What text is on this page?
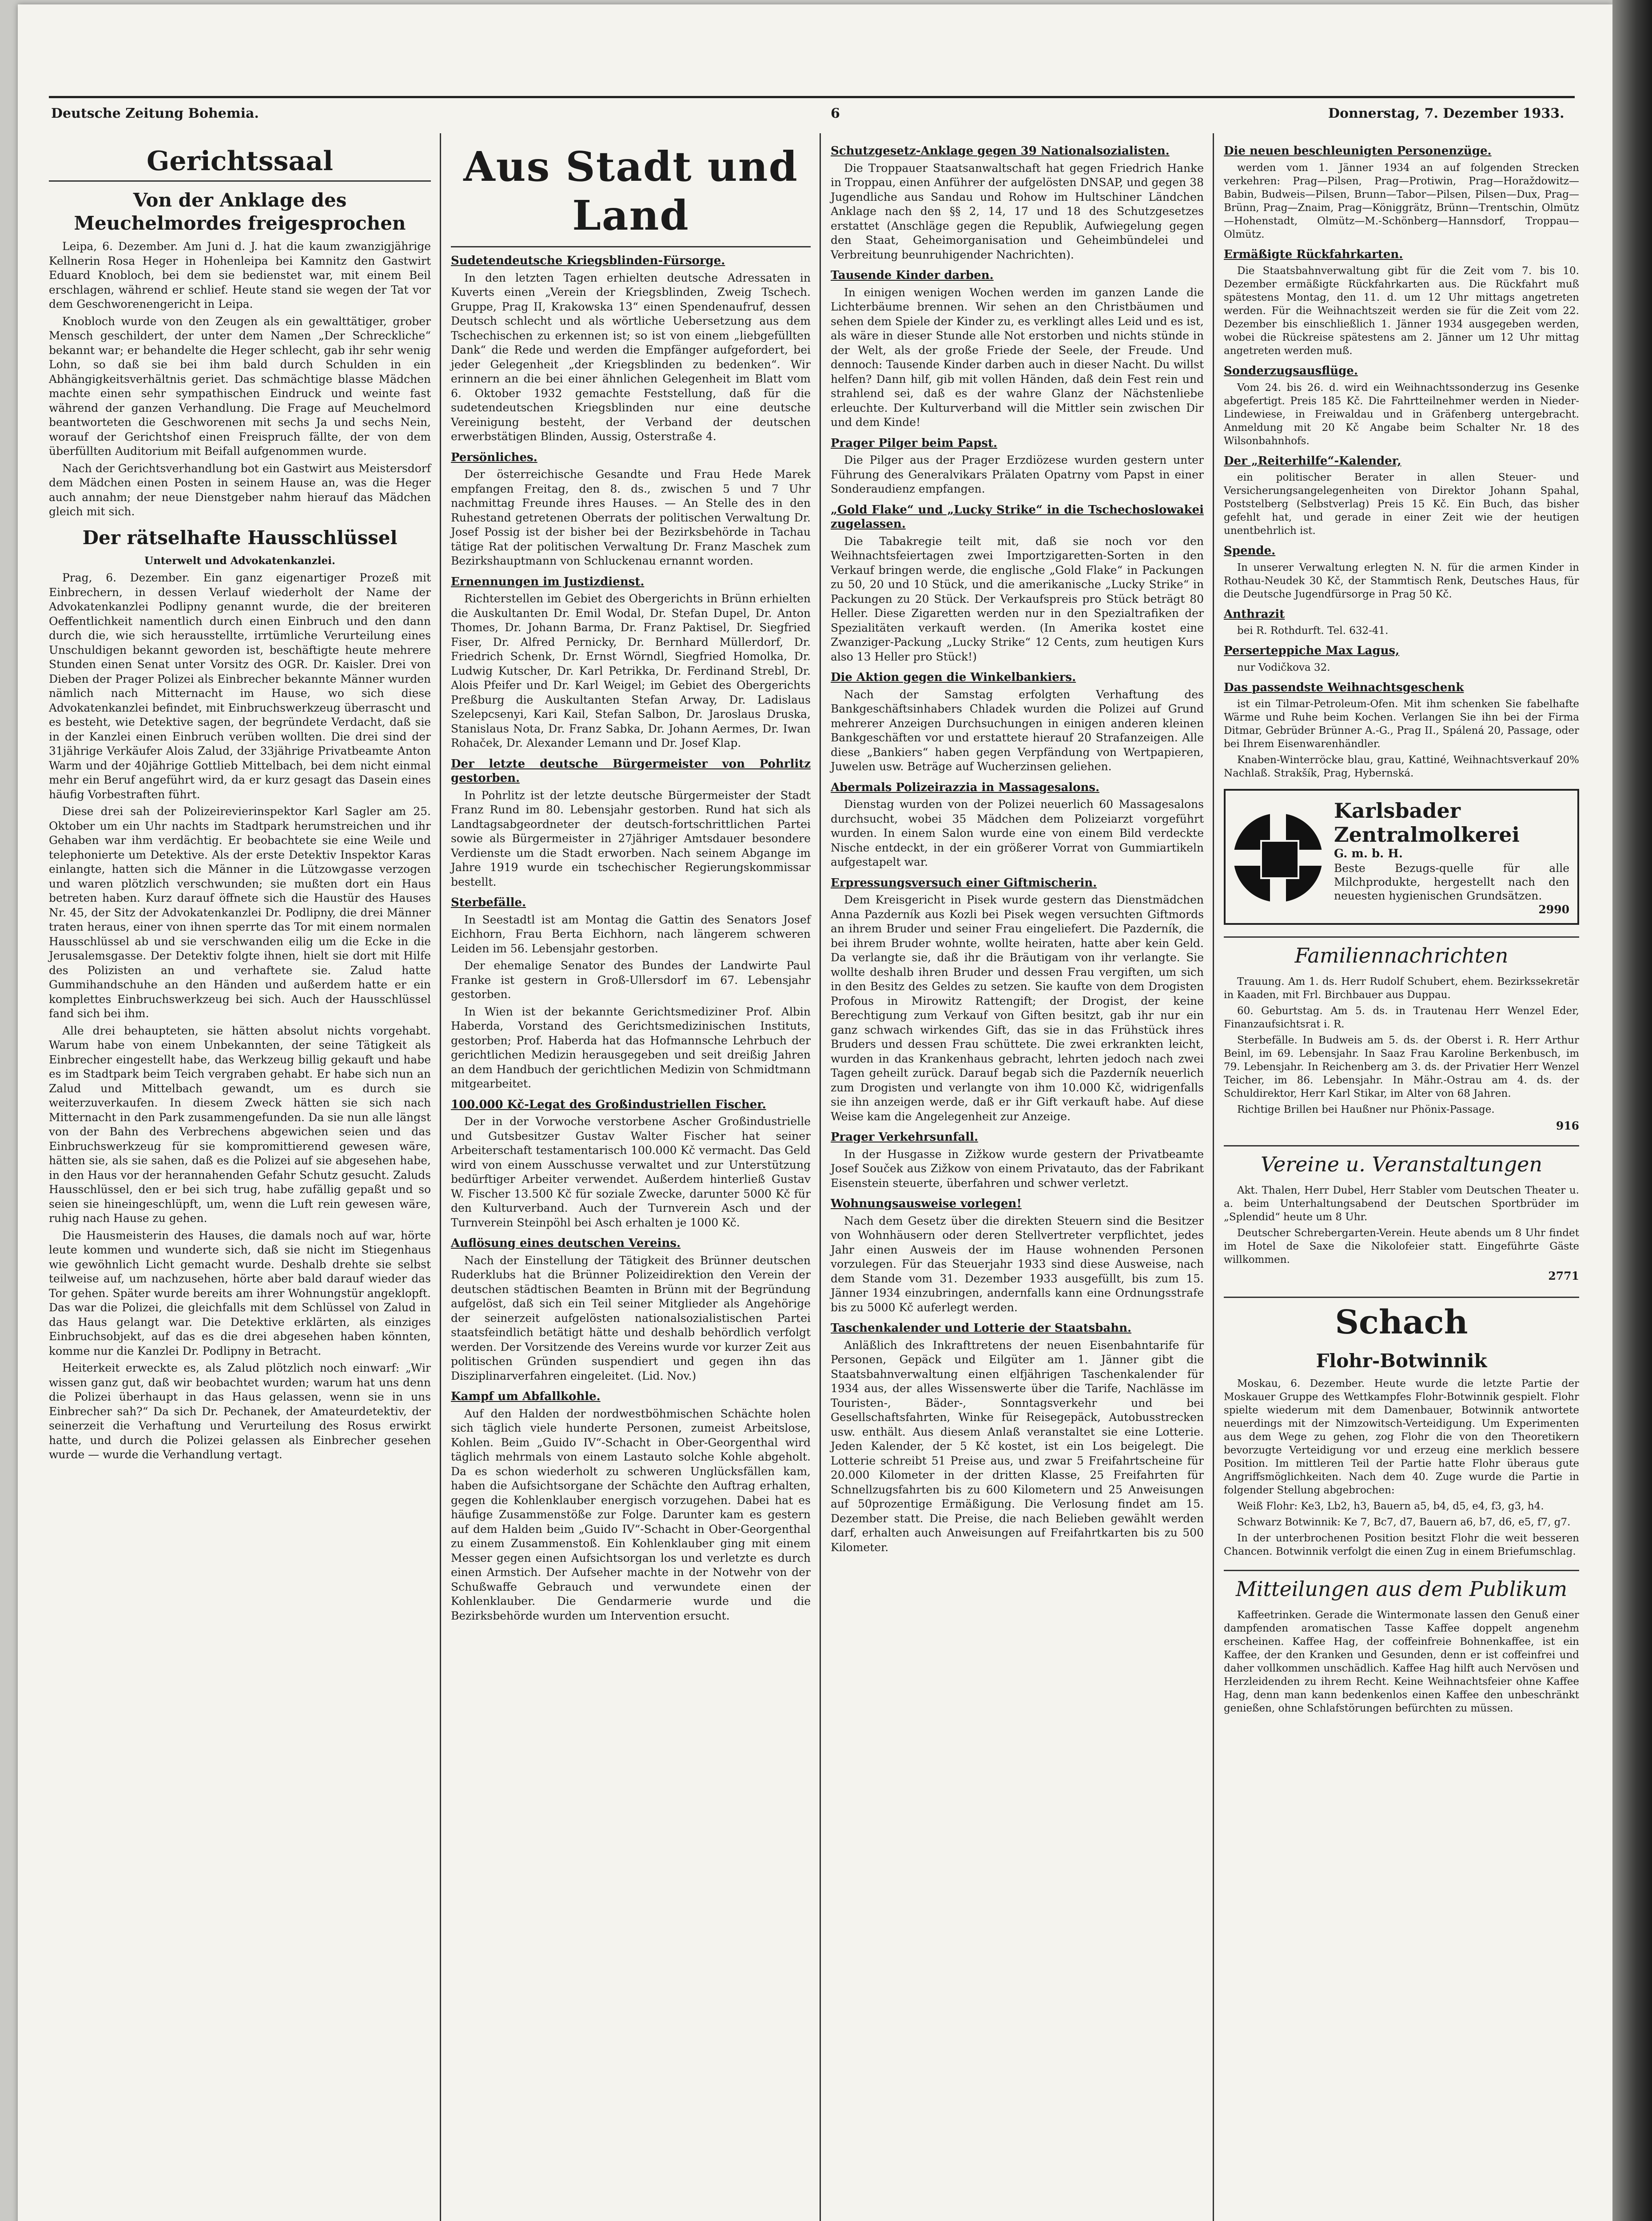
Deutsche Zeitung Bohemia.	6	Donnerstag, 7. Dezember 1933.
Gerichtssaal
Von der Anklage des Meuchelmordes freigesprochen

Leipa, 6. Dezember. Am Juni d. J. hat die kaum zwanzigjährige Kellnerin Rosa Heger in Hohenleipa bei Kamnitz den Gastwirt Eduard Knobloch, bei dem sie bedienstet war, mit einem Beil erschlagen, während er schlief. Heute stand sie wegen der Tat vor dem Geschworenengericht in Leipa.

Knobloch wurde von den Zeugen als ein gewalttätiger, grober Mensch geschildert, der unter dem Namen „Der Schreckliche“ bekannt war; er behandelte die Heger schlecht, gab ihr sehr wenig Lohn, so daß sie bei ihm bald durch Schulden in ein Abhängigkeitsverhältnis geriet. Das schmächtige blasse Mädchen machte einen sehr sympathischen Eindruck und weinte fast während der ganzen Verhandlung. Die Frage auf Meuchelmord beantworteten die Geschworenen mit sechs Ja und sechs Nein, worauf der Gerichtshof einen Freispruch fällte, der von dem überfüllten Auditorium mit Beifall aufgenommen wurde.

Nach der Gerichtsverhandlung bot ein Gastwirt aus Meistersdorf dem Mädchen einen Posten in seinem Hause an, was die Heger auch annahm; der neue Dienstgeber nahm hierauf das Mädchen gleich mit sich.

Der rätselhafte Hausschlüssel
Unterwelt und Advokatenkanzlei.

Prag, 6. Dezember. Ein ganz eigenartiger Prozeß mit Einbrechern, in dessen Verlauf wiederholt der Name der Advokatenkanzlei Podlipny genannt wurde, die der breiteren Oeffentlichkeit namentlich durch einen Einbruch und den dann durch die, wie sich herausstellte, irrtümliche Verurteilung eines Unschuldigen bekannt geworden ist, beschäftigte heute mehrere Stunden einen Senat unter Vorsitz des OGR. Dr. Kaisler. Drei von Dieben der Prager Polizei als Einbrecher bekannte Männer wurden nämlich nach Mitternacht im Hause, wo sich diese Advokatenkanzlei befindet, mit Einbruchswerkzeug überrascht und es besteht, wie Detektive sagen, der begründete Verdacht, daß sie in der Kanzlei einen Einbruch verüben wollten. Die drei sind der 31jährige Verkäufer Alois Zalud, der 33jährige Privatbeamte Anton Warm und der 40jährige Gottlieb Mittelbach, bei dem nicht einmal mehr ein Beruf angeführt wird, da er kurz gesagt das Dasein eines häufig Vorbestraften führt.

Diese drei sah der Polizeirevierinspektor Karl Sagler am 25. Oktober um ein Uhr nachts im Stadtpark herumstreichen und ihr Gehaben war ihm verdächtig. Er beobachtete sie eine Weile und telephonierte um Detektive. Als der erste Detektiv Inspektor Karas einlangte, hatten sich die Männer in die Lützowgasse verzogen und waren plötzlich verschwunden; sie mußten dort ein Haus betreten haben. Kurz darauf öffnete sich die Haustür des Hauses Nr. 45, der Sitz der Advokatenkanzlei Dr. Podlipny, die drei Männer traten heraus, einer von ihnen sperrte das Tor mit einem normalen Hausschlüssel ab und sie verschwanden eilig um die Ecke in die Jerusalemsgasse. Der Detektiv folgte ihnen, hielt sie dort mit Hilfe des Polizisten an und verhaftete sie. Zalud hatte Gummihandschuhe an den Händen und außerdem hatte er ein komplettes Einbruchswerkzeug bei sich. Auch der Hausschlüssel fand sich bei ihm.

Alle drei behaupteten, sie hätten absolut nichts vorgehabt. Warum habe von einem Unbekannten, der seine Tätigkeit als Einbrecher eingestellt habe, das Werkzeug billig gekauft und habe es im Stadtpark beim Teich vergraben gehabt. Er habe sich nun an Zalud und Mittelbach gewandt, um es durch sie weiterzuverkaufen. In diesem Zweck hätten sie sich nach Mitternacht in den Park zusammengefunden. Da sie nun alle längst von der Bahn des Verbrechens abgewichen seien und das Einbruchswerkzeug für sie kompromittierend gewesen wäre, hätten sie, als sie sahen, daß es die Polizei auf sie abgesehen habe, in den Haus vor der herannahenden Gefahr Schutz gesucht. Zaluds Hausschlüssel, den er bei sich trug, habe zufällig gepaßt und so seien sie hineingeschlüpft, um, wenn die Luft rein gewesen wäre, ruhig nach Hause zu gehen.

Die Hausmeisterin des Hauses, die damals noch auf war, hörte leute kommen und wunderte sich, daß sie nicht im Stiegenhaus wie gewöhnlich Licht gemacht wurde. Deshalb drehte sie selbst teilweise auf, um nachzusehen, hörte aber bald darauf wieder das Tor gehen. Später wurde bereits am ihrer Wohnungstür angeklopft. Das war die Polizei, die gleichfalls mit dem Schlüssel von Zalud in das Haus gelangt war. Die Detektive erklärten, als einziges Einbruchsobjekt, auf das es die drei abgesehen haben könnten, komme nur die Kanzlei Dr. Podlipny in Betracht.

Heiterkeit erweckte es, als Zalud plötzlich noch einwarf: „Wir wissen ganz gut, daß wir beobachtet wurden; warum hat uns denn die Polizei überhaupt in das Haus gelassen, wenn sie in uns Einbrecher sah?“ Da sich Dr. Pechanek, der Amateurdetektiv, der seinerzeit die Verhaftung und Verurteilung des Rosus erwirkt hatte, und durch die Polizei gelassen als Einbrecher gesehen wurde — wurde die Verhandlung vertagt.

Aus Stadt und Land
Sudetendeutsche Kriegsblinden-Fürsorge.

In den letzten Tagen erhielten deutsche Adressaten in Kuverts einen „Verein der Kriegsblinden, Zweig Tschech. Gruppe, Prag II, Krakowska 13“ einen Spendenaufruf, dessen Deutsch schlecht und als wörtliche Uebersetzung aus dem Tschechischen zu erkennen ist; so ist von einem „liebgefüllten Dank“ die Rede und werden die Empfänger aufgefordert, bei jeder Gelegenheit „der Kriegsblinden zu bedenken“. Wir erinnern an die bei einer ähnlichen Gelegenheit im Blatt vom 6. Oktober 1932 gemachte Feststellung, daß für die sudetendeutschen Kriegsblinden nur eine deutsche Vereinigung besteht, der Verband der deutschen erwerbstätigen Blinden, Aussig, Osterstraße 4.

Persönliches.

Der österreichische Gesandte und Frau Hede Marek empfangen Freitag, den 8. ds., zwischen 5 und 7 Uhr nachmittag Freunde ihres Hauses. — An Stelle des in den Ruhestand getretenen Oberrats der politischen Verwaltung Dr. Josef Possig ist der bisher bei der Bezirksbehörde in Tachau tätige Rat der politischen Verwaltung Dr. Franz Maschek zum Bezirkshauptmann von Schluckenau ernannt worden.

Ernennungen im Justizdienst.

Richterstellen im Gebiet des Obergerichts in Brünn erhielten die Auskultanten Dr. Emil Wodal, Dr. Stefan Dupel, Dr. Anton Thomes, Dr. Johann Barma, Dr. Franz Paktisel, Dr. Siegfried Fiser, Dr. Alfred Pernicky, Dr. Bernhard Müllerdorf, Dr. Friedrich Schenk, Dr. Ernst Wörndl, Siegfried Homolka, Dr. Ludwig Kutscher, Dr. Karl Petrikka, Dr. Ferdinand Strebl, Dr. Alois Pfeifer und Dr. Karl Weigel; im Gebiet des Obergerichts Preßburg die Auskultanten Stefan Arway, Dr. Ladislaus Szelepcsenyi, Kari Kail, Stefan Salbon, Dr. Jaroslaus Druska, Stanislaus Nota, Dr. Franz Sabka, Dr. Johann Aermes, Dr. Iwan Rohaček, Dr. Alexander Lemann und Dr. Josef Klap.

Der letzte deutsche Bürgermeister von Pohrlitz gestorben.

In Pohrlitz ist der letzte deutsche Bürgermeister der Stadt Franz Rund im 80. Lebensjahr gestorben. Rund hat sich als Landtagsabgeordneter der deutsch-fortschrittlichen Partei sowie als Bürgermeister in 27jähriger Amtsdauer besondere Verdienste um die Stadt erworben. Nach seinem Abgange im Jahre 1919 wurde ein tschechischer Regierungskommissar bestellt.

Sterbefälle.

In Seestadtl ist am Montag die Gattin des Senators Josef Eichhorn, Frau Berta Eichhorn, nach längerem schweren Leiden im 56. Lebensjahr gestorben.

Der ehemalige Senator des Bundes der Landwirte Paul Franke ist gestern in Groß-Ullersdorf im 67. Lebensjahr gestorben.

In Wien ist der bekannte Gerichtsmediziner Prof. Albin Haberda, Vorstand des Gerichtsmedizinischen Instituts, gestorben; Prof. Haberda hat das Hofmannsche Lehrbuch der gerichtlichen Medizin herausgegeben und seit dreißig Jahren an dem Handbuch der gerichtlichen Medizin von Schmidtmann mitgearbeitet.

100.000 Kč-Legat des Großindustriellen Fischer.

Der in der Vorwoche verstorbene Ascher Großindustrielle und Gutsbesitzer Gustav Walter Fischer hat seiner Arbeiterschaft testamentarisch 100.000 Kč vermacht. Das Geld wird von einem Ausschusse verwaltet und zur Unterstützung bedürftiger Arbeiter verwendet. Außerdem hinterließ Gustav W. Fischer 13.500 Kč für soziale Zwecke, darunter 5000 Kč für den Kulturverband. Auch der Turnverein Asch und der Turnverein Steinpöhl bei Asch erhalten je 1000 Kč.

Auflösung eines deutschen Vereins.

Nach der Einstellung der Tätigkeit des Brünner deutschen Ruderklubs hat die Brünner Polizeidirektion den Verein der deutschen städtischen Beamten in Brünn mit der Begründung aufgelöst, daß sich ein Teil seiner Mitglieder als Angehörige der seinerzeit aufgelösten nationalsozialistischen Partei staatsfeindlich betätigt hätte und deshalb behördlich verfolgt werden. Der Vorsitzende des Vereins wurde vor kurzer Zeit aus politischen Gründen suspendiert und gegen ihn das Disziplinarverfahren eingeleitet. (Lid. Nov.)

Kampf um Abfallkohle.

Auf den Halden der nordwestböhmischen Schächte holen sich täglich viele hunderte Personen, zumeist Arbeitslose, Kohlen. Beim „Guido IV“-Schacht in Ober-Georgenthal wird täglich mehrmals von einem Lastauto solche Kohle abgeholt. Da es schon wiederholt zu schweren Unglücksfällen kam, haben die Aufsichtsorgane der Schächte den Auftrag erhalten, gegen die Kohlenklauber energisch vorzugehen. Dabei hat es häufige Zusammenstöße zur Folge. Darunter kam es gestern auf dem Halden beim „Guido IV“-Schacht in Ober-Georgenthal zu einem Zusammenstoß. Ein Kohlenklauber ging mit einem Messer gegen einen Aufsichtsorgan los und verletzte es durch einen Armstich. Der Aufseher machte in der Notwehr von der Schußwaffe Gebrauch und verwundete einen der Kohlenklauber. Die Gendarmerie wurde und die Bezirksbehörde wurden um Intervention ersucht.

Schutzgesetz-Anklage gegen 39 Nationalsozialisten.

Die Troppauer Staatsanwaltschaft hat gegen Friedrich Hanke in Troppau, einen Anführer der aufgelösten DNSAP, und gegen 38 Jugendliche aus Sandau und Rohow im Hultschiner Ländchen Anklage nach den §§ 2, 14, 17 und 18 des Schutzgesetzes erstattet (Anschläge gegen die Republik, Aufwiegelung gegen den Staat, Geheimorganisation und Geheimbündelei und Verbreitung beunruhigender Nachrichten).

Tausende Kinder darben.

In einigen wenigen Wochen werden im ganzen Lande die Lichterbäume brennen. Wir sehen an den Christbäumen und sehen dem Spiele der Kinder zu, es verklingt alles Leid und es ist, als wäre in dieser Stunde alle Not erstorben und nichts stünde in der Welt, als der große Friede der Seele, der Freude. Und dennoch: Tausende Kinder darben auch in dieser Nacht. Du willst helfen? Dann hilf, gib mit vollen Händen, daß dein Fest rein und strahlend sei, daß es der wahre Glanz der Nächstenliebe erleuchte. Der Kulturverband will die Mittler sein zwischen Dir und dem Kinde!

Prager Pilger beim Papst.

Die Pilger aus der Prager Erzdiözese wurden gestern unter Führung des Generalvikars Prälaten Opatrny vom Papst in einer Sonderaudienz empfangen.

„Gold Flake“ und „Lucky Strike“ in die Tschechoslowakei zugelassen.

Die Tabakregie teilt mit, daß sie noch vor den Weihnachtsfeiertagen zwei Importzigaretten-Sorten in den Verkauf bringen werde, die englische „Gold Flake“ in Packungen zu 50, 20 und 10 Stück, und die amerikanische „Lucky Strike“ in Packungen zu 20 Stück. Der Verkaufspreis pro Stück beträgt 80 Heller. Diese Zigaretten werden nur in den Spezialtrafiken der Spezialitäten verkauft werden. (In Amerika kostet eine Zwanziger-Packung „Lucky Strike“ 12 Cents, zum heutigen Kurs also 13 Heller pro Stück!)

Die Aktion gegen die Winkelbankiers.

Nach der Samstag erfolgten Verhaftung des Bankgeschäftsinhabers Chladek wurden die Polizei auf Grund mehrerer Anzeigen Durchsuchungen in einigen anderen kleinen Bankgeschäften vor und erstattete hierauf 20 Strafanzeigen. Alle diese „Bankiers“ haben gegen Verpfändung von Wertpapieren, Juwelen usw. Beträge auf Wucherzinsen geliehen.

Abermals Polizeirazzia in Massagesalons.

Dienstag wurden von der Polizei neuerlich 60 Massagesalons durchsucht, wobei 35 Mädchen dem Polizeiarzt vorgeführt wurden. In einem Salon wurde eine von einem Bild verdeckte Nische entdeckt, in der ein größerer Vorrat von Gummiartikeln aufgestapelt war.

Erpressungsversuch einer Giftmischerin.

Dem Kreisgericht in Pisek wurde gestern das Dienstmädchen Anna Pazderník aus Kozli bei Pisek wegen versuchten Giftmords an ihrem Bruder und seiner Frau eingeliefert. Die Pazderník, die bei ihrem Bruder wohnte, wollte heiraten, hatte aber kein Geld. Da verlangte sie, daß ihr die Bräutigam von ihr verlangte. Sie wollte deshalb ihren Bruder und dessen Frau vergiften, um sich in den Besitz des Geldes zu setzen. Sie kaufte von dem Drogisten Profous in Mirowitz Rattengift; der Drogist, der keine Berechtigung zum Verkauf von Giften besitzt, gab ihr nur ein ganz schwach wirkendes Gift, das sie in das Frühstück ihres Bruders und dessen Frau schüttete. Die zwei erkrankten leicht, wurden in das Krankenhaus gebracht, lehrten jedoch nach zwei Tagen geheilt zurück. Darauf begab sich die Pazderník neuerlich zum Drogisten und verlangte von ihm 10.000 Kč, widrigenfalls sie ihn anzeigen werde, daß er ihr Gift verkauft habe. Auf diese Weise kam die Angelegenheit zur Anzeige.

Prager Verkehrsunfall.

In der Husgasse in Zižkow wurde gestern der Privatbeamte Josef Souček aus Zižkow von einem Privatauto, das der Fabrikant Eisenstein steuerte, überfahren und schwer verletzt.

Wohnungsausweise vorlegen!

Nach dem Gesetz über die direkten Steuern sind die Besitzer von Wohnhäusern oder deren Stellvertreter verpflichtet, jedes Jahr einen Ausweis der im Hause wohnenden Personen vorzulegen. Für das Steuerjahr 1933 sind diese Ausweise, nach dem Stande vom 31. Dezember 1933 ausgefüllt, bis zum 15. Jänner 1934 einzubringen, andernfalls kann eine Ordnungsstrafe bis zu 5000 Kč auferlegt werden.

Taschenkalender und Lotterie der Staatsbahn.

Anläßlich des Inkrafttretens der neuen Eisenbahntarife für Personen, Gepäck und Eilgüter am 1. Jänner gibt die Staatsbahnverwaltung einen elfjährigen Taschenkalender für 1934 aus, der alles Wissenswerte über die Tarife, Nachlässe im Touristen-, Bäder-, Sonntagsverkehr und bei Gesellschaftsfahrten, Winke für Reisegepäck, Autobusstrecken usw. enthält. Aus diesem Anlaß veranstaltet sie eine Lotterie. Jeden Kalender, der 5 Kč kostet, ist ein Los beigelegt. Die Lotterie schreibt 51 Preise aus, und zwar 5 Freifahrtscheine für 20.000 Kilometer in der dritten Klasse, 25 Freifahrten für Schnellzugsfahrten bis zu 600 Kilometern und 25 Anweisungen auf 50prozentige Ermäßigung. Die Verlosung findet am 15. Dezember statt. Die Preise, die nach Belieben gewählt werden darf, erhalten auch Anweisungen auf Freifahrtkarten bis zu 500 Kilometer.

Die neuen beschleunigten Personenzüge.

werden vom 1. Jänner 1934 an auf folgenden Strecken verkehren: Prag—Pilsen, Prag—Protiwin, Prag—Horaždowitz—Babin, Budweis—Pilsen, Brunn—Tabor—Pilsen, Pilsen—Dux, Prag—Brünn, Prag—Znaim, Prag—Königgrätz, Brünn—Trentschin, Olmütz—Hohenstadt, Olmütz—M.-Schönberg—Hannsdorf, Troppau—Olmütz.

Ermäßigte Rückfahrkarten.

Die Staatsbahnverwaltung gibt für die Zeit vom 7. bis 10. Dezember ermäßigte Rückfahrkarten aus. Die Rückfahrt muß spätestens Montag, den 11. d. um 12 Uhr mittags angetreten werden. Für die Weihnachtszeit werden sie für die Zeit vom 22. Dezember bis einschließlich 1. Jänner 1934 ausgegeben werden, wobei die Rückreise spätestens am 2. Jänner um 12 Uhr mittag angetreten werden muß.

Sonderzugsausflüge.

Vom 24. bis 26. d. wird ein Weihnachtssonderzug ins Gesenke abgefertigt. Preis 185 Kč. Die Fahrtteilnehmer werden in Nieder-Lindewiese, in Freiwaldau und in Gräfenberg untergebracht. Anmeldung mit 20 Kč Angabe beim Schalter Nr. 18 des Wilsonbahnhofs.

Der „Reiterhilfe“-Kalender,

ein politischer Berater in allen Steuer- und Versicherungsangelegenheiten von Direktor Johann Spahal, Poststelberg (Selbstverlag) Preis 15 Kč. Ein Buch, das bisher gefehlt hat, und gerade in einer Zeit wie der heutigen unentbehrlich ist.

Spende.

In unserer Verwaltung erlegten N. N. für die armen Kinder in Rothau-Neudek 30 Kč, der Stammtisch Renk, Deutsches Haus, für die Deutsche Jugendfürsorge in Prag 50 Kč.

Anthrazit

bei R. Rothdurft. Tel. 632-41.

Perserteppiche Max Lagus,

nur Vodičkova 32.

Das passendste Weihnachtsgeschenk

ist ein Tilmar-Petroleum-Ofen. Mit ihm schenken Sie fabelhafte Wärme und Ruhe beim Kochen. Verlangen Sie ihn bei der Firma Ditmar, Gebrüder Brünner A.-G., Prag II., Spálená 20, Passage, oder bei Ihrem Eisenwarenhändler.

Knaben-Winterröcke blau, grau, Kattiné, Weihnachtsverkauf 20% Nachlaß. Strakšík, Prag, Hybernská.

Karlsbader Zentralmolkerei
G. m. b. H.
Beste Bezugs-quelle für alle Milchprodukte, hergestellt nach den neuesten hygienischen Grundsätzen.
2990
Familiennachrichten

Trauung. Am 1. ds. Herr Rudolf Schubert, ehem. Bezirkssekretär in Kaaden, mit Frl. Birchbauer aus Duppau.

60. Geburtstag. Am 5. ds. in Trautenau Herr Wenzel Eder, Finanzaufsichtsrat i. R.

Sterbefälle. In Budweis am 5. ds. der Oberst i. R. Herr Arthur Beinl, im 69. Lebensjahr. In Saaz Frau Karoline Berkenbusch, im 79. Lebensjahr. In Reichenberg am 3. ds. der Privatier Herr Wenzel Teicher, im 86. Lebensjahr. In Mähr.-Ostrau am 4. ds. der Schuldirektor, Herr Karl Stikar, im Alter von 68 Jahren.

Richtige Brillen bei Haußner nur Phönix-Passage.

916
Vereine u. Veranstaltungen

Akt. Thalen, Herr Dubel, Herr Stabler vom Deutschen Theater u. a. beim Unterhaltungsabend der Deutschen Sportbrüder im „Splendid“ heute um 8 Uhr.

Deutscher Schrebergarten-Verein. Heute abends um 8 Uhr findet im Hotel de Saxe die Nikolofeier statt. Eingeführte Gäste willkommen.

2771
Schach
Flohr-Botwinnik

Moskau, 6. Dezember. Heute wurde die letzte Partie der Moskauer Gruppe des Wettkampfes Flohr-Botwinnik gespielt. Flohr spielte wiederum mit dem Damenbauer, Botwinnik antwortete neuerdings mit der Nimzowitsch-Verteidigung. Um Experimenten aus dem Wege zu gehen, zog Flohr die von den Theoretikern bevorzugte Verteidigung vor und erzeug eine merklich bessere Position. Im mittleren Teil der Partie hatte Flohr überaus gute Angriffsmöglichkeiten. Nach dem 40. Zuge wurde die Partie in folgender Stellung abgebrochen:

Weiß Flohr: Ke3, Lb2, h3, Bauern a5, b4, d5, e4, f3, g3, h4.

Schwarz Botwinnik: Ke 7, Bc7, d7, Bauern a6, b7, d6, e5, f7, g7.

In der unterbrochenen Position besitzt Flohr die weit besseren Chancen. Botwinnik verfolgt die einen Zug in einem Briefumschlag.

Mitteilungen aus dem Publikum

Kaffeetrinken. Gerade die Wintermonate lassen den Genuß einer dampfenden aromatischen Tasse Kaffee doppelt angenehm erscheinen. Kaffee Hag, der coffeinfreie Bohnenkaffee, ist ein Kaffee, der den Kranken und Gesunden, denn er ist coffeinfrei und daher vollkommen unschädlich. Kaffee Hag hilft auch Nervösen und Herzleidenden zu ihrem Recht. Keine Weihnachtsfeier ohne Kaffee Hag, denn man kann bedenkenlos einen Kaffee den unbeschränkt genießen, ohne Schlafstörungen befürchten zu müssen.
